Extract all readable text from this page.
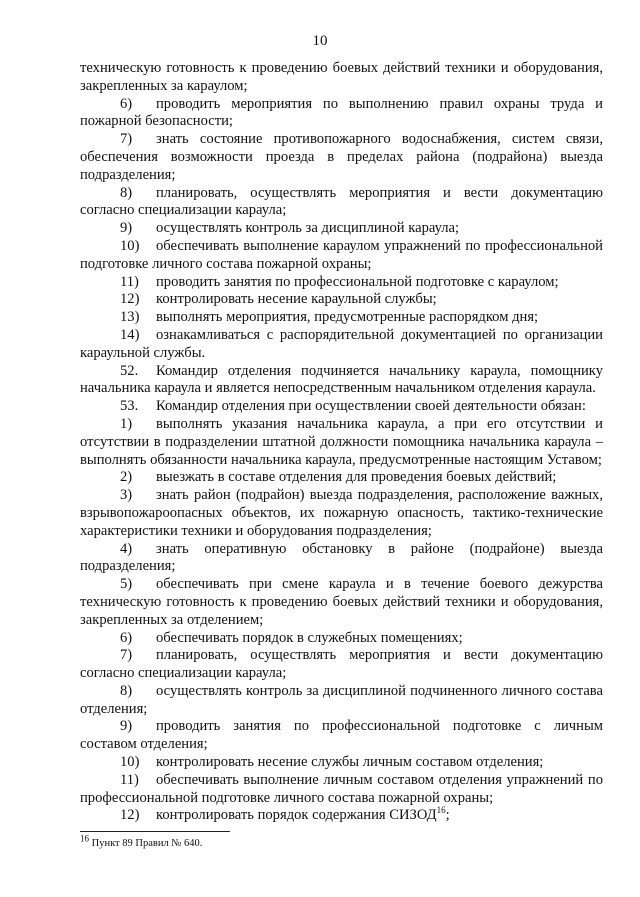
10

техническую готовность к проведению боевых действий техники и оборудования, закрепленных за караулом;

6) проводить мероприятия по выполнению правил охраны труда и пожарной безопасности;

7) знать состояние противопожарного водоснабжения, систем связи, обеспечения возможности проезда в пределах района (подрайона) выезда подразделения;

8) планировать, осуществлять мероприятия и вести документацию согласно специализации караула;

9) осуществлять контроль за дисциплиной караула;

10) обеспечивать выполнение караулом упражнений по профессиональной подготовке личного состава пожарной охраны;

11) проводить занятия по профессиональной подготовке с караулом;

12) контролировать несение караульной службы;

13) выполнять мероприятия, предусмотренные распорядком дня;

14) ознакамливаться с распорядительной документацией по организации караульной службы.

52. Командир отделения подчиняется начальнику караула, помощнику начальника караула и является непосредственным начальником отделения караула.

53. Командир отделения при осуществлении своей деятельности обязан:

1) выполнять указания начальника караула, а при его отсутствии и отсутствии в подразделении штатной должности помощника начальника караула – выполнять обязанности начальника караула, предусмотренные настоящим Уставом;

2) выезжать в составе отделения для проведения боевых действий;

3) знать район (подрайон) выезда подразделения, расположение важных, взрывопожароопасных объектов, их пожарную опасность, тактико-технические характеристики техники и оборудования подразделения;

4) знать оперативную обстановку в районе (подрайоне) выезда подразделения;

5) обеспечивать при смене караула и в течение боевого дежурства техническую готовность к проведению боевых действий техники и оборудования, закрепленных за отделением;

6) обеспечивать порядок в служебных помещениях;

7) планировать, осуществлять мероприятия и вести документацию согласно специализации караула;

8) осуществлять контроль за дисциплиной подчиненного личного состава отделения;

9) проводить занятия по профессиональной подготовке с личным составом отделения;

10) контролировать несение службы личным составом отделения;

11) обеспечивать выполнение личным составом отделения упражнений по профессиональной подготовке личного состава пожарной охраны;

12) контролировать порядок содержания СИЗОД$^{16}$;

$^{16}$ Пункт 89 Правил № 640.
